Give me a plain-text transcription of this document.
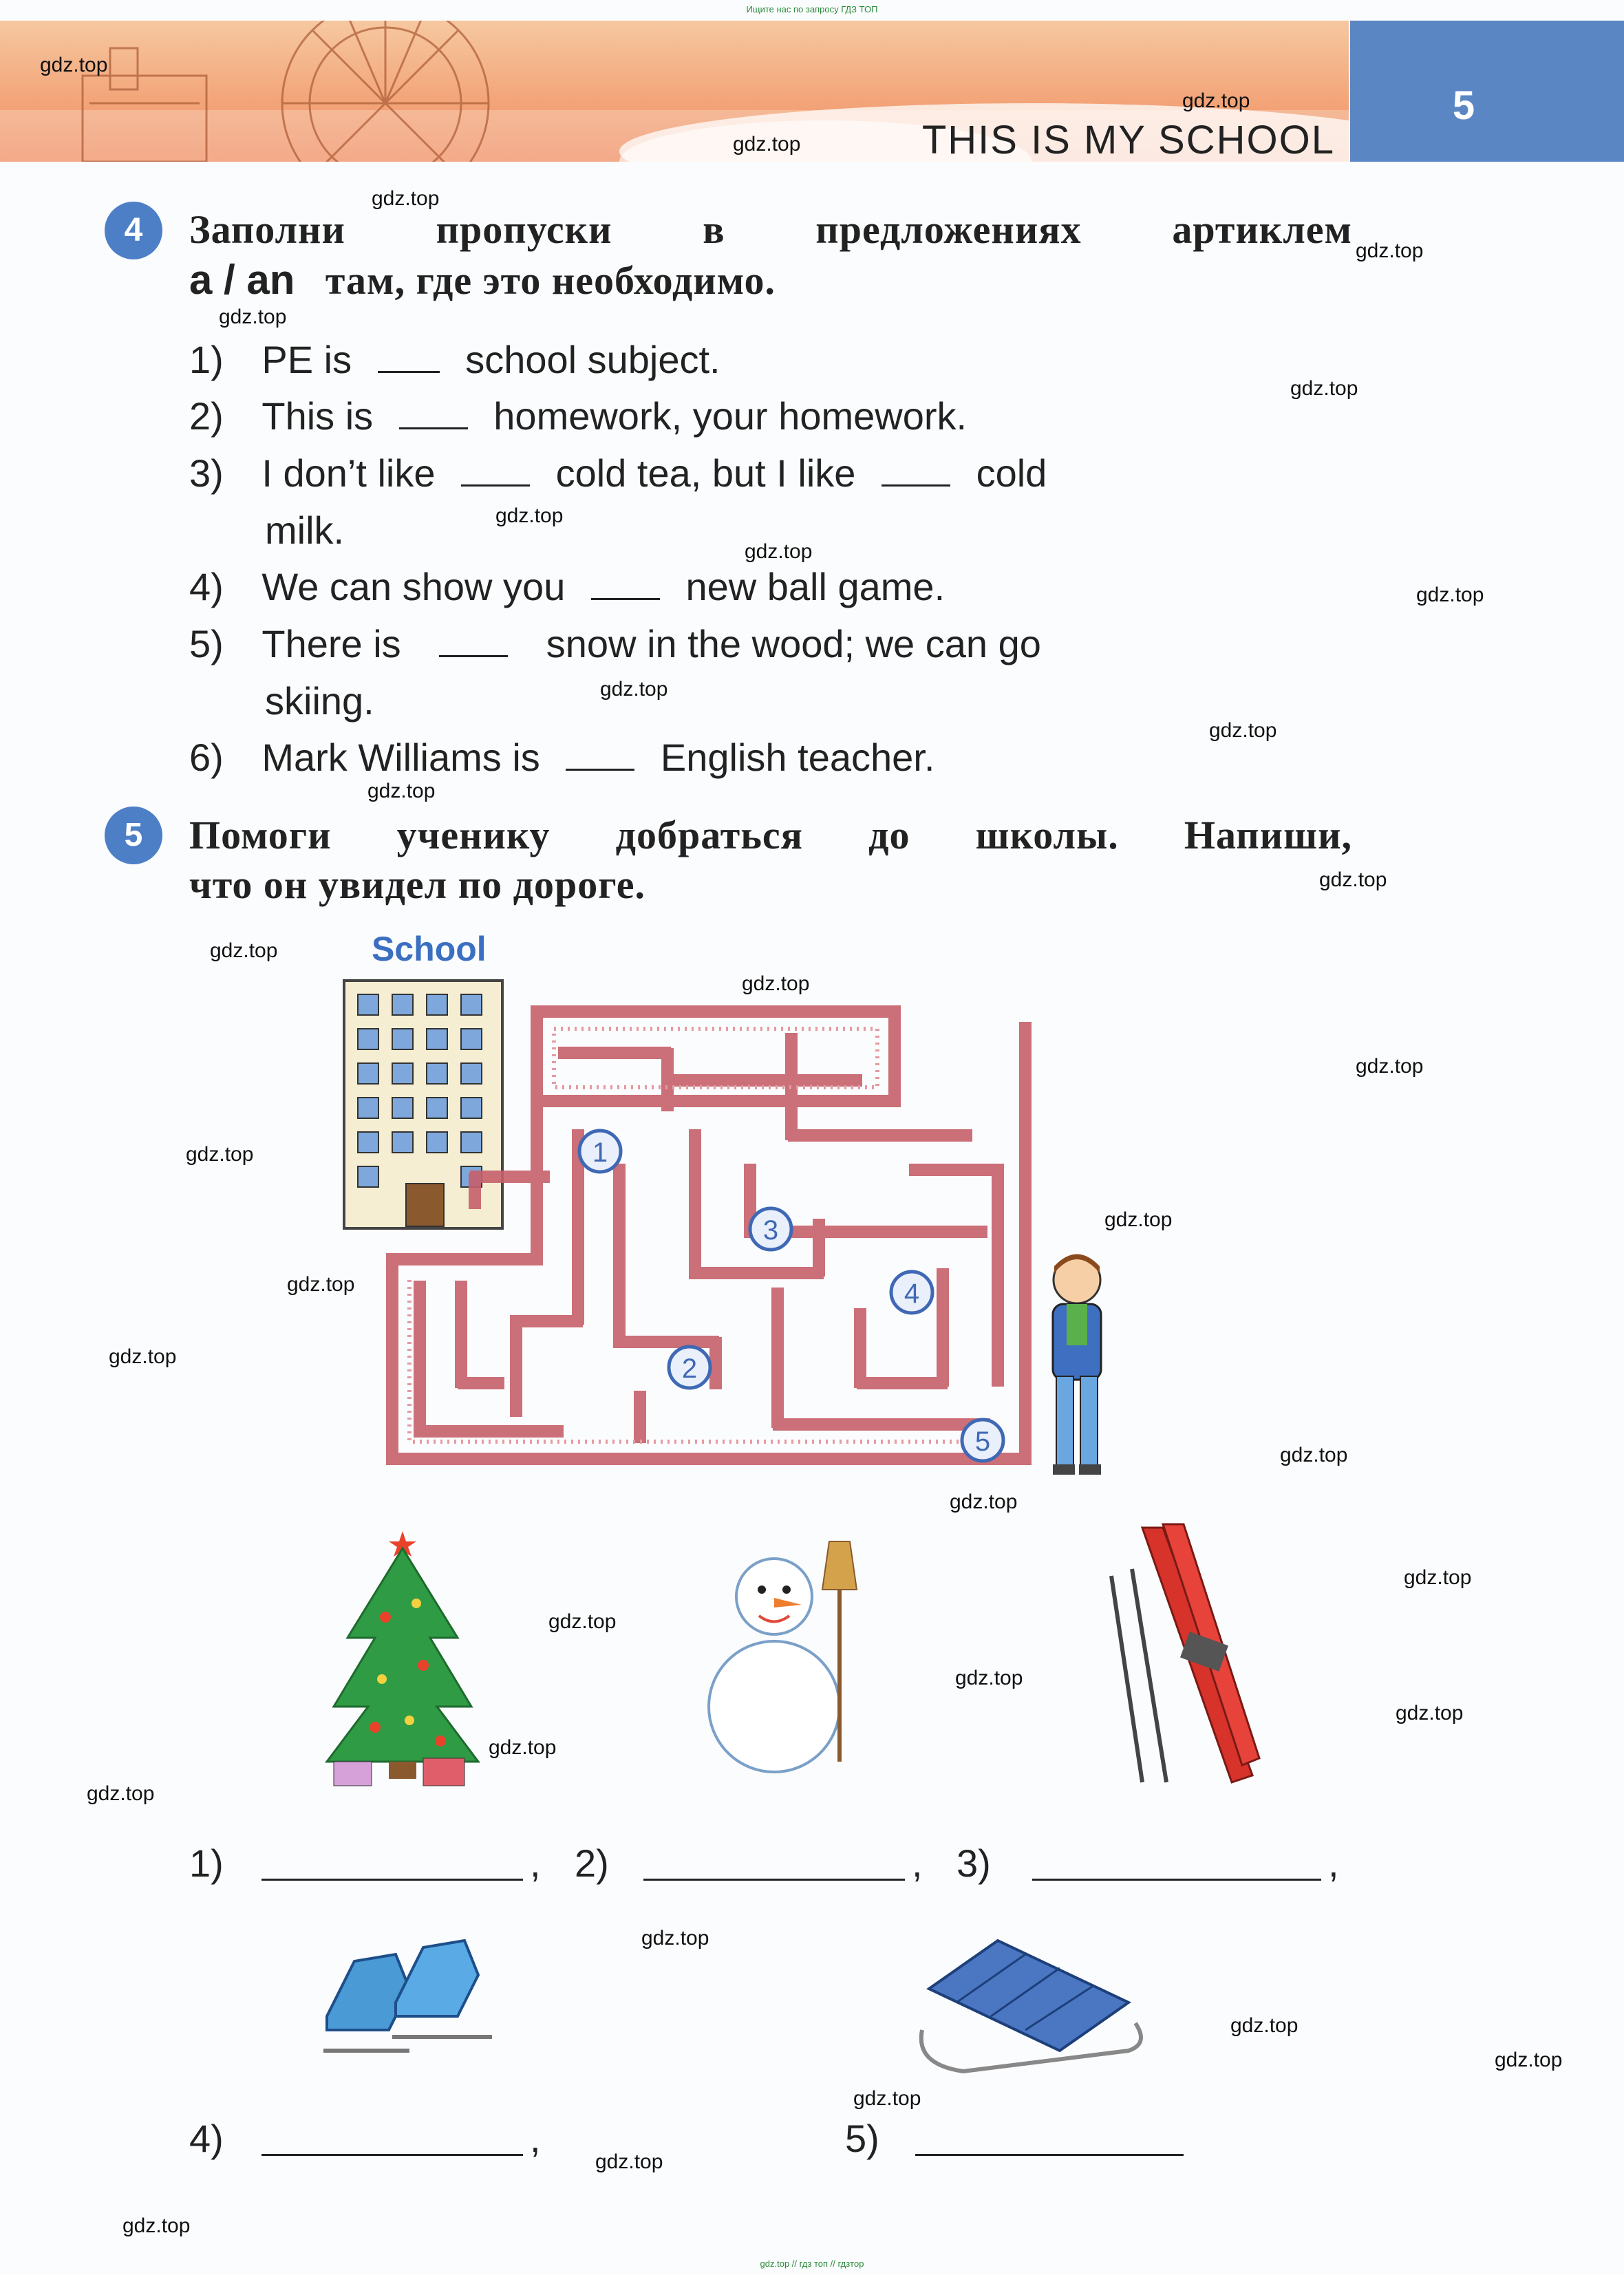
Ищите нас по запросу ГДЗ ТОП
5
THIS IS MY SCHOOL
4	Заполни пропуски в предложениях артиклем
a / an там, где это необходимо.
1) PE is	school subject.
2) This is	homework, your homework.
3) I don’t like	cold tea, but I like	cold
milk.
4) We can show you	new ball game.
5) There is	snow in the wood; we can go
skiing.
6) Mark Williams is	English teacher.
5	Помоги ученику добраться до школы. Напиши,
что он увидел по дороге.
School
1
2
3
4
5
1)	, 2)	, 3)	,
4)	,	5)
gdz.top
gdz.top
gdz.top
gdz.top
gdz.top
gdz.top
gdz.top
gdz.top
gdz.top
gdz.top
gdz.top
gdz.top
gdz.top
gdz.top
gdz.top
gdz.top
gdz.top
gdz.top
gdz.top
gdz.top
gdz.top
gdz.top
gdz.top
gdz.top
gdz.top
gdz.top
gdz.top
gdz.top
gdz.top
gdz.top
gdz.top
gdz.top
gdz.top
gdz.top
gdz.top
gdz.top // гдз топ // гдзтор
